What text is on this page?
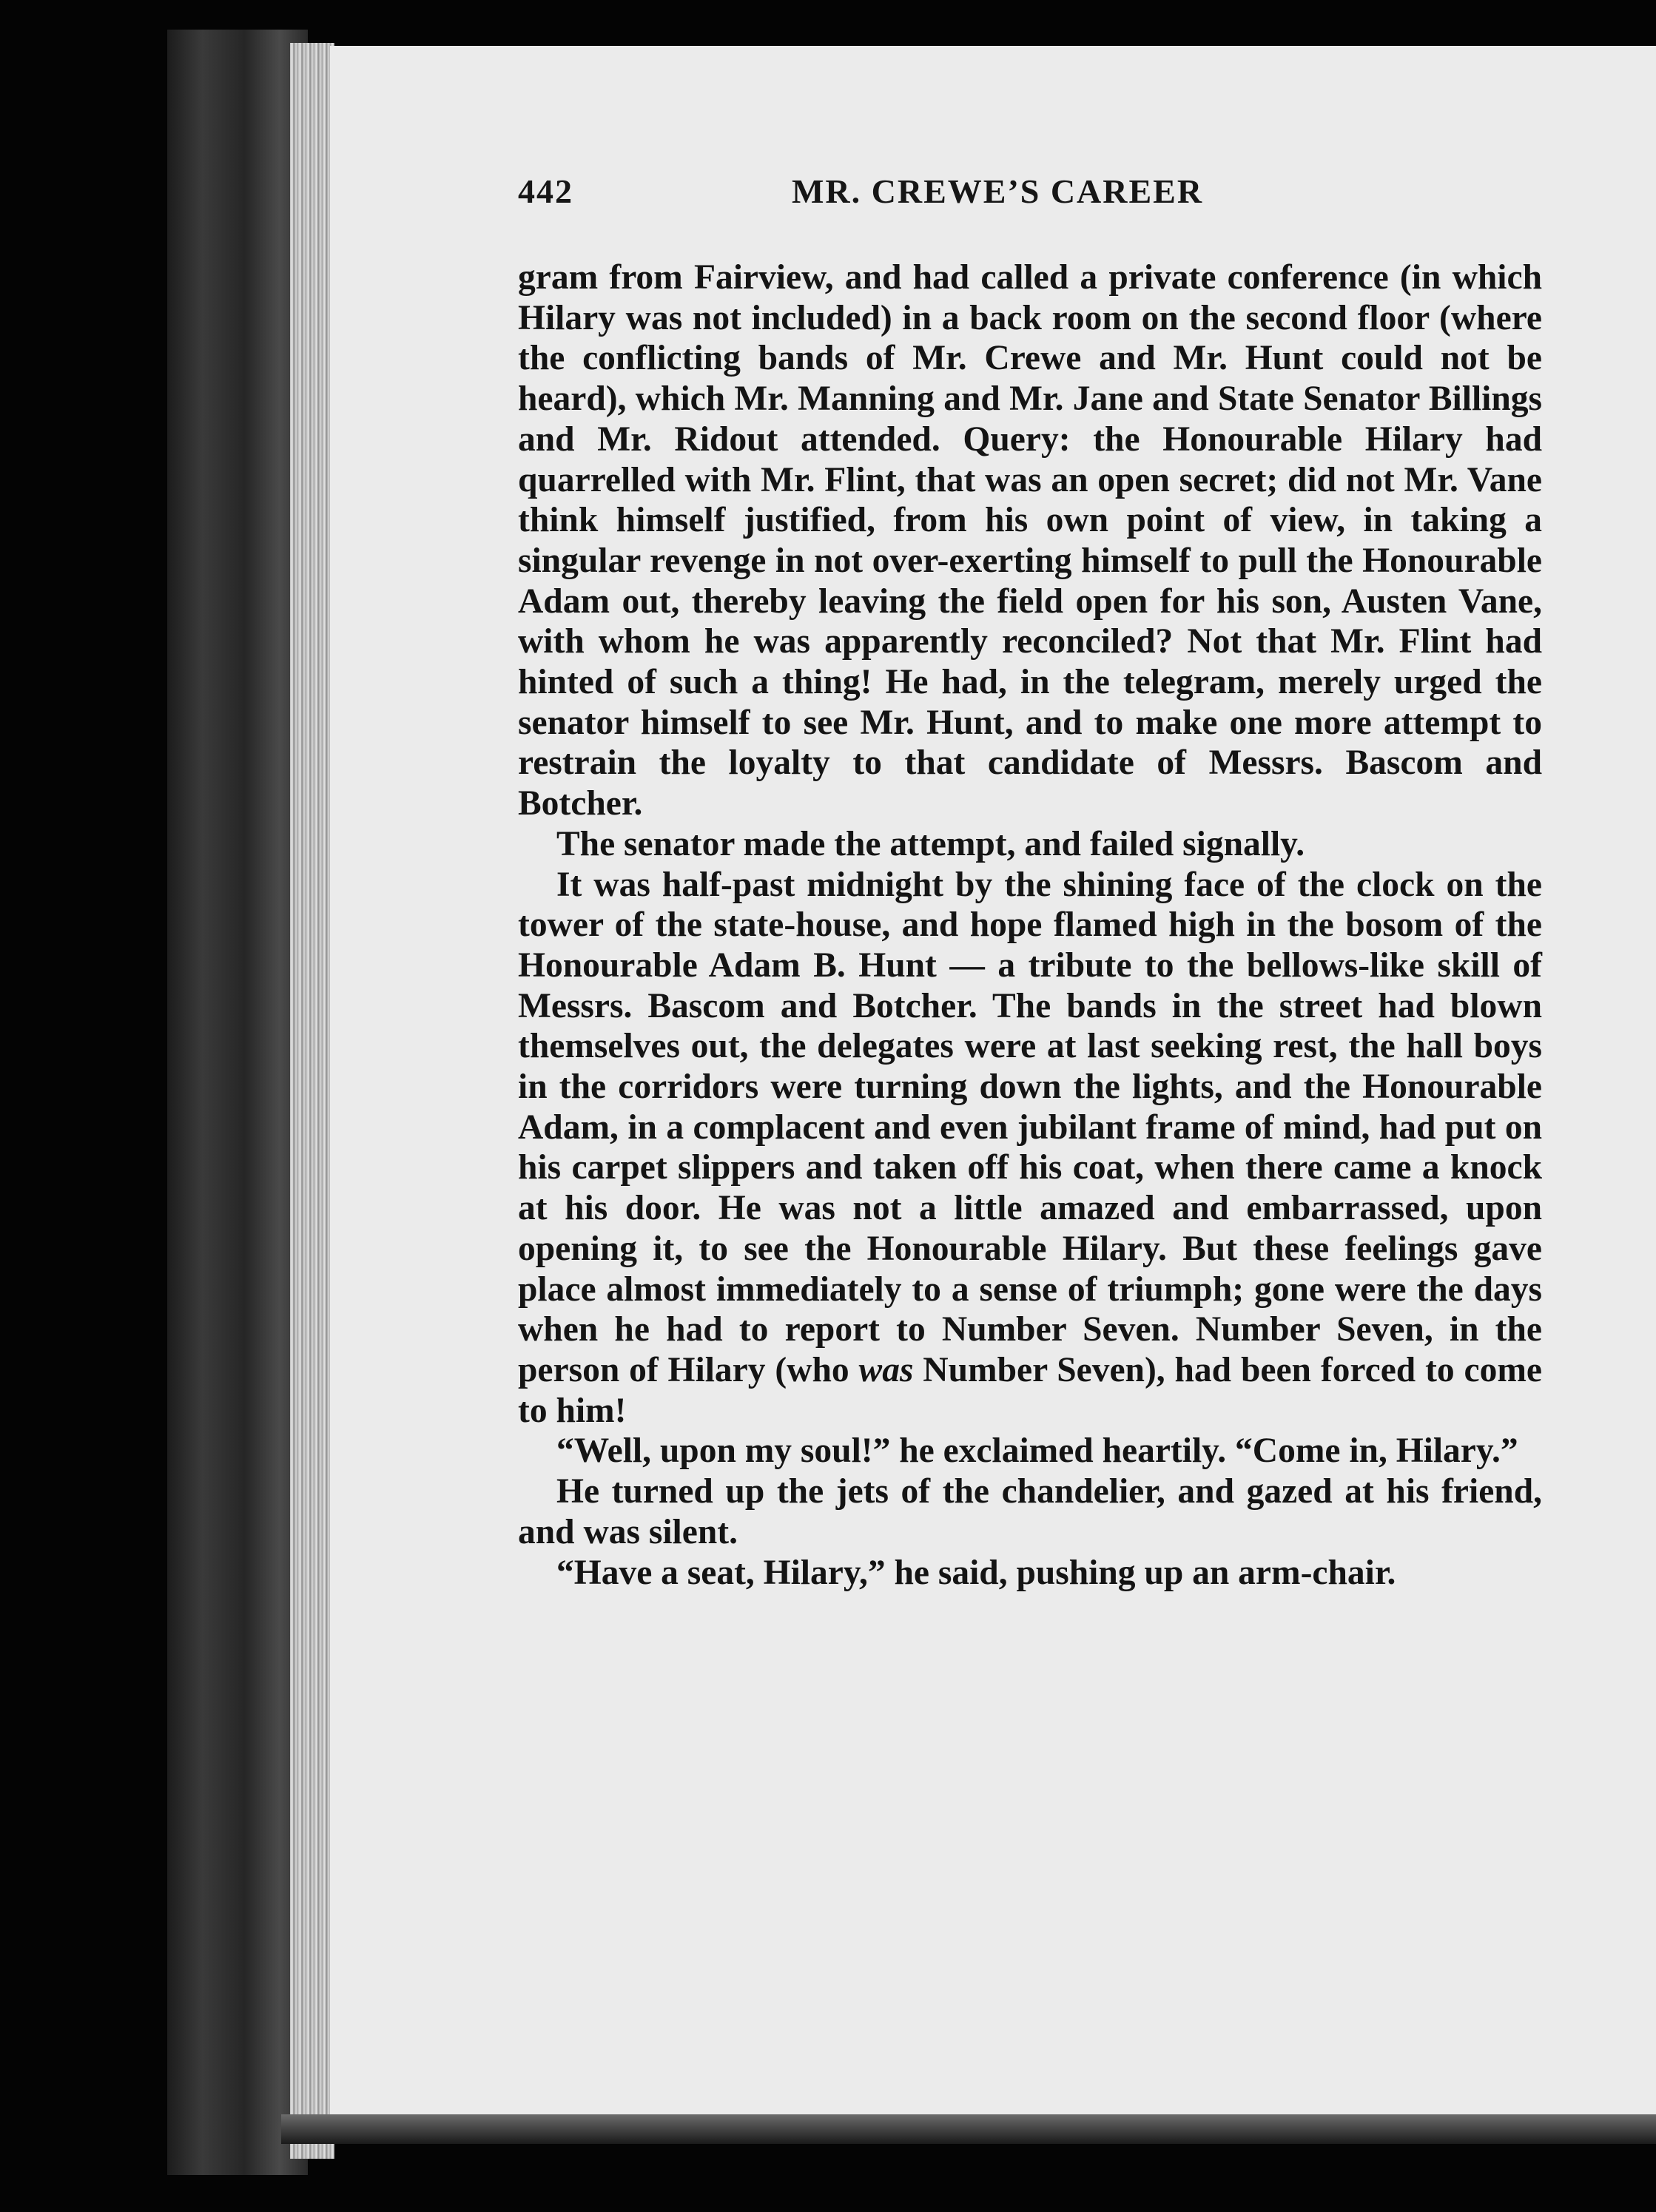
442	MR. CREWE’S CAREER

gram from Fairview, and had called a private conference (in which Hilary was not included) in a back room on the second floor (where the conflicting bands of Mr. Crewe and Mr. Hunt could not be heard), which Mr. Manning and Mr. Jane and State Senator Billings and Mr. Ridout attended. Query: the Honourable Hilary had quarrelled with Mr. Flint, that was an open secret; did not Mr. Vane think himself justified, from his own point of view, in taking a singular revenge in not over-exerting himself to pull the Honourable Adam out, thereby leaving the field open for his son, Austen Vane, with whom he was apparently reconciled? Not that Mr. Flint had hinted of such a thing! He had, in the telegram, merely urged the senator himself to see Mr. Hunt, and to make one more attempt to restrain the loyalty to that candidate of Messrs. Bascom and Botcher.

The senator made the attempt, and failed signally.

It was half-past midnight by the shining face of the clock on the tower of the state-house, and hope flamed high in the bosom of the Honourable Adam B. Hunt — a tribute to the bellows-like skill of Messrs. Bascom and Botcher. The bands in the street had blown themselves out, the delegates were at last seeking rest, the hall boys in the corridors were turning down the lights, and the Honourable Adam, in a complacent and even jubilant frame of mind, had put on his carpet slippers and taken off his coat, when there came a knock at his door. He was not a little amazed and embarrassed, upon opening it, to see the Honourable Hilary. But these feelings gave place almost immediately to a sense of triumph; gone were the days when he had to report to Number Seven. Number Seven, in the person of Hilary (who was Number Seven), had been forced to come to him!

“Well, upon my soul!” he exclaimed heartily. “Come in, Hilary.”

He turned up the jets of the chandelier, and gazed at his friend, and was silent.

“Have a seat, Hilary,” he said, pushing up an arm-chair.
